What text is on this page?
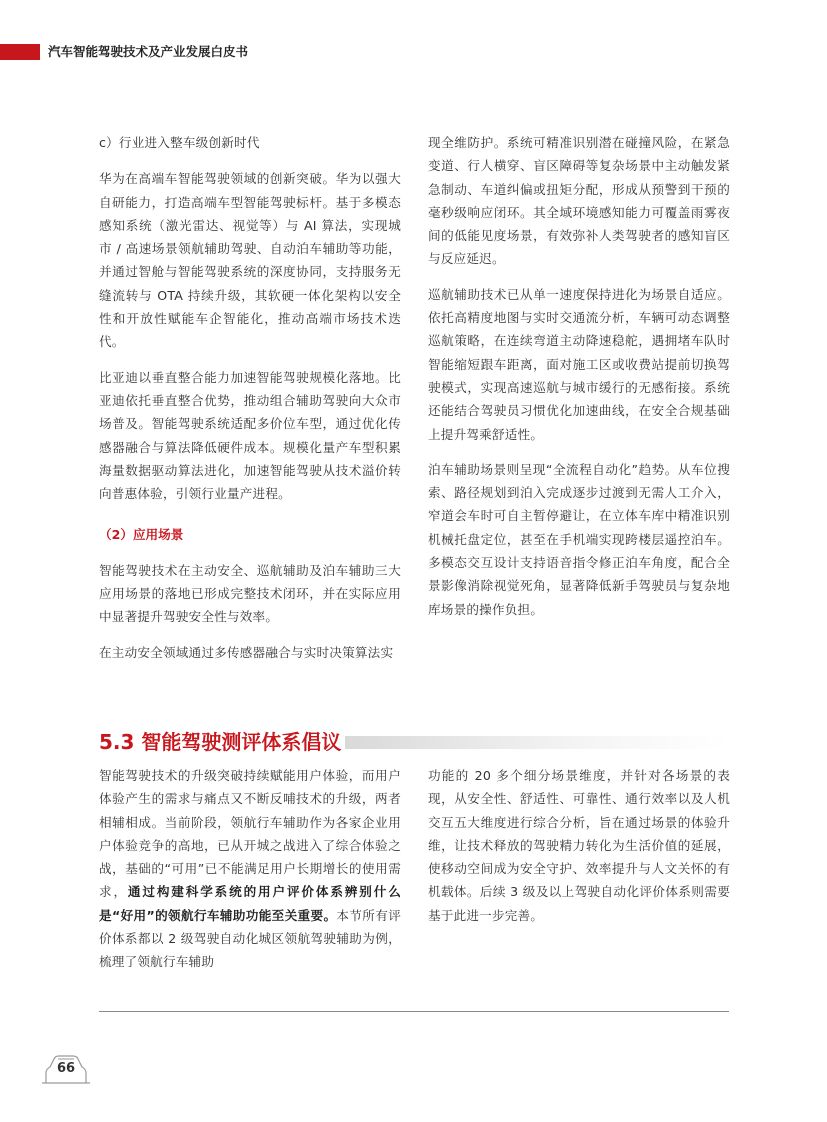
汽车智能驾驶技术及产业发展白皮书

c）行业进入整车级创新时代

华为在高端车智能驾驶领域的创新突破。华为以强大自研能力，打造高端车型智能驾驶标杆。基于多模态感知系统（激光雷达、视觉等）与 AI 算法，实现城市 / 高速场景领航辅助驾驶、自动泊车辅助等功能，并通过智舱与智能驾驶系统的深度协同，支持服务无缝流转与 OTA 持续升级，其软硬一体化架构以安全性和开放性赋能车企智能化，推动高端市场技术迭代。

比亚迪以垂直整合能力加速智能驾驶规模化落地。比亚迪依托垂直整合优势，推动组合辅助驾驶向大众市场普及。智能驾驶系统适配多价位车型，通过优化传感器融合与算法降低硬件成本。规模化量产车型积累海量数据驱动算法进化，加速智能驾驶从技术溢价转向普惠体验，引领行业量产进程。

（2）应用场景

智能驾驶技术在主动安全、巡航辅助及泊车辅助三大应用场景的落地已形成完整技术闭环，并在实际应用中显著提升驾驶安全性与效率。

在主动安全领域通过多传感器融合与实时决策算法实

现全维防护。系统可精准识别潜在碰撞风险，在紧急变道、行人横穿、盲区障碍等复杂场景中主动触发紧急制动、车道纠偏或扭矩分配，形成从预警到干预的毫秒级响应闭环。其全域环境感知能力可覆盖雨雾夜间的低能见度场景，有效弥补人类驾驶者的感知盲区与反应延迟。

巡航辅助技术已从单一速度保持进化为场景自适应。依托高精度地图与实时交通流分析，车辆可动态调整巡航策略，在连续弯道主动降速稳舵，遇拥堵车队时智能缩短跟车距离，面对施工区或收费站提前切换驾驶模式，实现高速巡航与城市缓行的无感衔接。系统还能结合驾驶员习惯优化加速曲线，在安全合规基础上提升驾乘舒适性。

泊车辅助场景则呈现“全流程自动化”趋势。从车位搜索、路径规划到泊入完成逐步过渡到无需人工介入，窄道会车时可自主暂停避让，在立体车库中精准识别机械托盘定位，甚至在手机端实现跨楼层遥控泊车。多模态交互设计支持语音指令修正泊车角度，配合全景影像消除视觉死角，显著降低新手驾驶员与复杂地库场景的操作负担。

5.3 智能驾驶测评体系倡议

智能驾驶技术的升级突破持续赋能用户体验，而用户体验产生的需求与痛点又不断反哺技术的升级，两者相辅相成。当前阶段，领航行车辅助作为各家企业用户体验竞争的高地，已从开城之战进入了综合体验之战，基础的“可用”已不能满足用户长期增长的使用需求，通过构建科学系统的用户评价体系辨别什么是“好用”的领航行车辅助功能至关重要。本节所有评价体系都以 2 级驾驶自动化城区领航驾驶辅助为例，梳理了领航行车辅助

功能的 20 多个细分场景维度，并针对各场景的表现，从安全性、舒适性、可靠性、通行效率以及人机交互五大维度进行综合分析，旨在通过场景的体验升维，让技术释放的驾驶精力转化为生活价值的延展，使移动空间成为安全守护、效率提升与人文关怀的有机载体。后续 3 级及以上驾驶自动化评价体系则需要基于此进一步完善。

66
